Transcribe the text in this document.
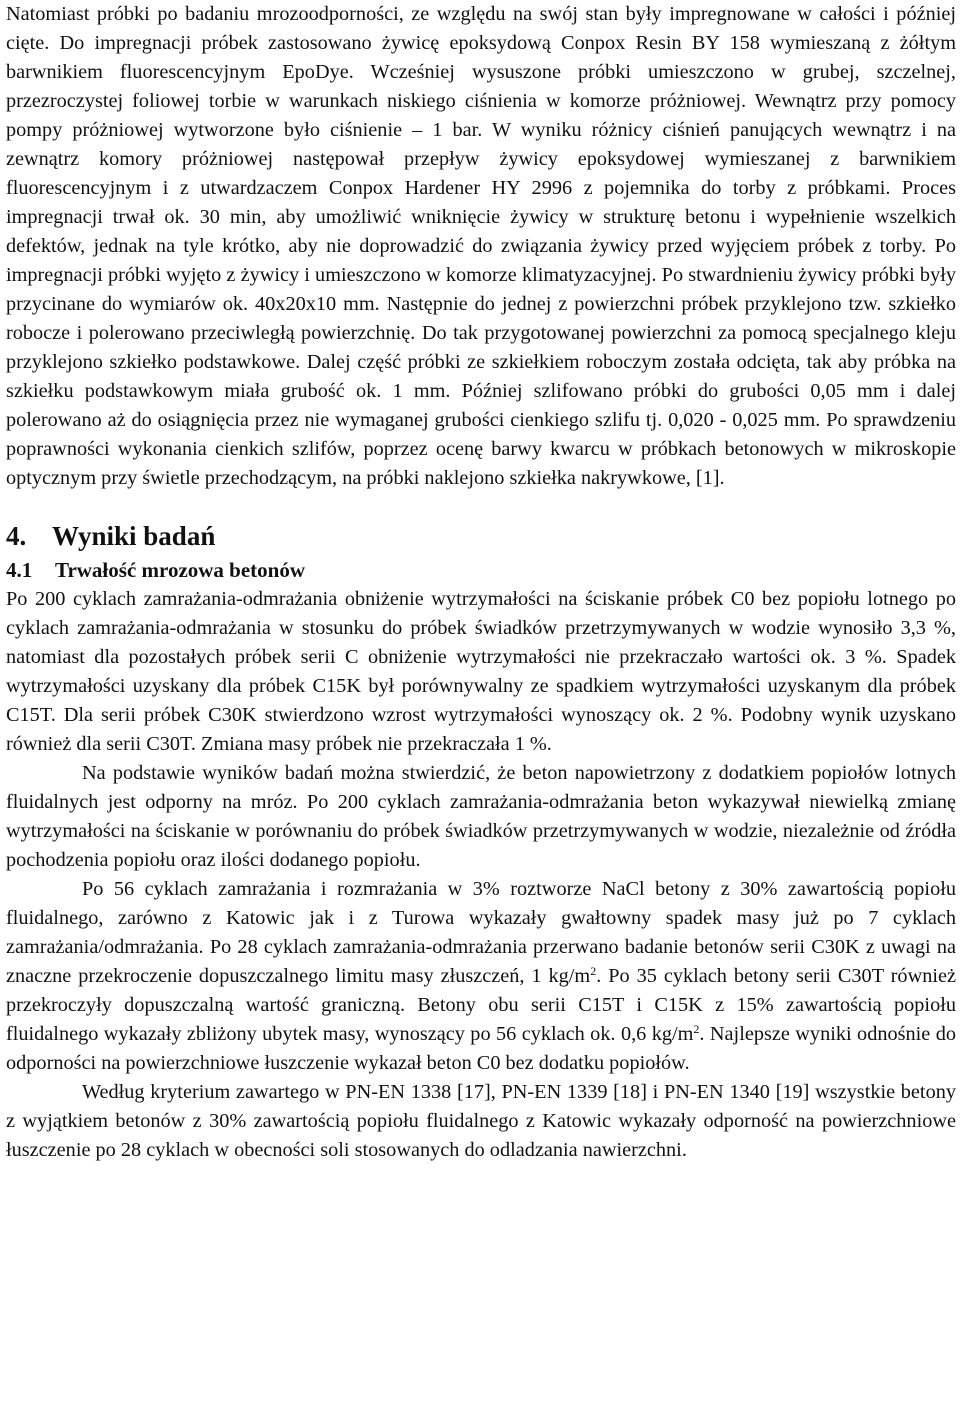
Natomiast próbki po badaniu mrozoodporności, ze względu na swój stan były impregnowane w całości i później cięte. Do impregnacji próbek zastosowano żywicę epoksydową Conpox Resin BY 158 wymieszaną z żółtym barwnikiem fluorescencyjnym EpoDye. Wcześniej wysuszone próbki umieszczono w grubej, szczelnej, przezroczystej foliowej torbie w warunkach niskiego ciśnienia w komorze próżniowej. Wewnątrz przy pomocy pompy próżniowej wytworzone było ciśnienie – 1 bar. W wyniku różnicy ciśnień panujących wewnątrz i na zewnątrz komory próżniowej następował przepływ żywicy epoksydowej wymieszanej z barwnikiem fluorescencyjnym i z utwardzaczem Conpox Hardener HY 2996 z pojemnika do torby z próbkami. Proces impregnacji trwał ok. 30 min, aby umożliwić wniknięcie żywicy w strukturę betonu i wypełnienie wszelkich defektów, jednak na tyle krótko, aby nie doprowadzić do związania żywicy przed wyjęciem próbek z torby. Po impregnacji próbki wyjęto z żywicy i umieszczono w komorze klimatyzacyjnej. Po stwardnieniu żywicy próbki były przycinane do wymiarów ok. 40x20x10 mm. Następnie do jednej z powierzchni próbek przyklejono tzw. szkiełko robocze i polerowano przeciwległą powierzchnię. Do tak przygotowanej powierzchni za pomocą specjalnego kleju przyklejono szkiełko podstawkowe. Dalej część próbki ze szkiełkiem roboczym została odcięta, tak aby próbka na szkiełku podstawkowym miała grubość ok. 1 mm. Później szlifowano próbki do grubości 0,05 mm i dalej polerowano aż do osiągnięcia przez nie wymaganej grubości cienkiego szlifu tj. 0,020 - 0,025 mm. Po sprawdzeniu poprawności wykonania cienkich szlifów, poprzez ocenę barwy kwarcu w próbkach betonowych w mikroskopie optycznym przy świetle przechodzącym, na próbki naklejono szkiełka nakrywkowe, [1].

4. Wyniki badań
4.1 Trwałość mrozowa betonów

Po 200 cyklach zamrażania-odmrażania obniżenie wytrzymałości na ściskanie próbek C0 bez popiołu lotnego po cyklach zamrażania-odmrażania w stosunku do próbek świadków przetrzymywanych w wodzie wynosiło 3,3 %, natomiast dla pozostałych próbek serii C obniżenie wytrzymałości nie przekraczało wartości ok. 3 %. Spadek wytrzymałości uzyskany dla próbek C15K był porównywalny ze spadkiem wytrzymałości uzyskanym dla próbek C15T. Dla serii próbek C30K stwierdzono wzrost wytrzymałości wynoszący ok. 2 %. Podobny wynik uzyskano również dla serii C30T. Zmiana masy próbek nie przekraczała 1 %.

Na podstawie wyników badań można stwierdzić, że beton napowietrzony z dodatkiem popiołów lotnych fluidalnych jest odporny na mróz. Po 200 cyklach zamrażania-odmrażania beton wykazywał niewielką zmianę wytrzymałości na ściskanie w porównaniu do próbek świadków przetrzymywanych w wodzie, niezależnie od źródła pochodzenia popiołu oraz ilości dodanego popiołu.

Po 56 cyklach zamrażania i rozmrażania w 3% roztworze NaCl betony z 30% zawartością popiołu fluidalnego, zarówno z Katowic jak i z Turowa wykazały gwałtowny spadek masy już po 7 cyklach zamrażania/odmrażania. Po 28 cyklach zamrażania-odmrażania przerwano badanie betonów serii C30K z uwagi na znaczne przekroczenie dopuszczalnego limitu masy złuszczeń, 1 $kg/m^2$. Po 35 cyklach betony serii C30T również przekroczyły dopuszczalną wartość graniczną. Betony obu serii C15T i C15K z 15% zawartością popiołu fluidalnego wykazały zbliżony ubytek masy, wynoszący po 56 cyklach ok. 0,6 $kg/m^2$. Najlepsze wyniki odnośnie do odporności na powierzchniowe łuszczenie wykazał beton C0 bez dodatku popiołów.

Według kryterium zawartego w PN-EN 1338 [17], PN-EN 1339 [18] i PN-EN 1340 [19] wszystkie betony z wyjątkiem betonów z 30% zawartością popiołu fluidalnego z Katowic wykazały odporność na powierzchniowe łuszczenie po 28 cyklach w obecności soli stosowanych do odladzania nawierzchni.
